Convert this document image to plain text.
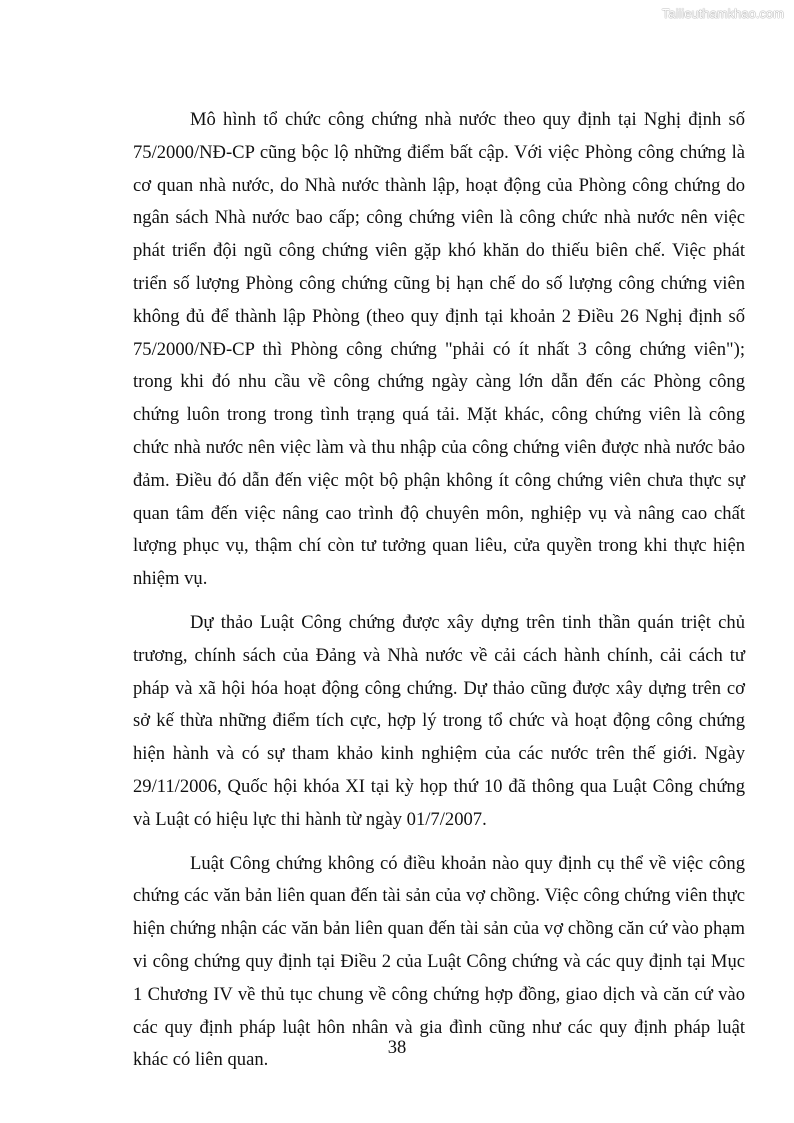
Tailieuthamkhao.com

Mô hình tổ chức công chứng nhà nước theo quy định tại Nghị định số 75/2000/NĐ-CP cũng bộc lộ những điểm bất cập. Với việc Phòng công chứng là cơ quan nhà nước, do Nhà nước thành lập, hoạt động của Phòng công chứng do ngân sách Nhà nước bao cấp; công chứng viên là công chức nhà nước nên việc phát triển đội ngũ công chứng viên gặp khó khăn do thiếu biên chế. Việc phát triển số lượng Phòng công chứng cũng bị hạn chế do số lượng công chứng viên không đủ để thành lập Phòng (theo quy định tại khoản 2 Điều 26 Nghị định số 75/2000/NĐ-CP thì Phòng công chứng "phải có ít nhất 3 công chứng viên"); trong khi đó nhu cầu về công chứng ngày càng lớn dẫn đến các Phòng công chứng luôn trong trong tình trạng quá tải. Mặt khác, công chứng viên là công chức nhà nước nên việc làm và thu nhập của công chứng viên được nhà nước bảo đảm. Điều đó dẫn đến việc một bộ phận không ít công chứng viên chưa thực sự quan tâm đến việc nâng cao trình độ chuyên môn, nghiệp vụ và nâng cao chất lượng phục vụ, thậm chí còn tư tưởng quan liêu, cửa quyền trong khi thực hiện nhiệm vụ.

Dự thảo Luật Công chứng được xây dựng trên tinh thần quán triệt chủ trương, chính sách của Đảng và Nhà nước về cải cách hành chính, cải cách tư pháp và xã hội hóa hoạt động công chứng. Dự thảo cũng được xây dựng trên cơ sở kế thừa những điểm tích cực, hợp lý trong tổ chức và hoạt động công chứng hiện hành và có sự tham khảo kinh nghiệm của các nước trên thế giới. Ngày 29/11/2006, Quốc hội khóa XI tại kỳ họp thứ 10 đã thông qua Luật Công chứng và Luật có hiệu lực thi hành từ ngày 01/7/2007.

Luật Công chứng không có điều khoản nào quy định cụ thể về việc công chứng các văn bản liên quan đến tài sản của vợ chồng. Việc công chứng viên thực hiện chứng nhận các văn bản liên quan đến tài sản của vợ chồng căn cứ vào phạm vi công chứng quy định tại Điều 2 của Luật Công chứng và các quy định tại Mục 1 Chương IV về thủ tục chung về công chứng hợp đồng, giao dịch và căn cứ vào các quy định pháp luật hôn nhân và gia đình cũng như các quy định pháp luật khác có liên quan.

38
